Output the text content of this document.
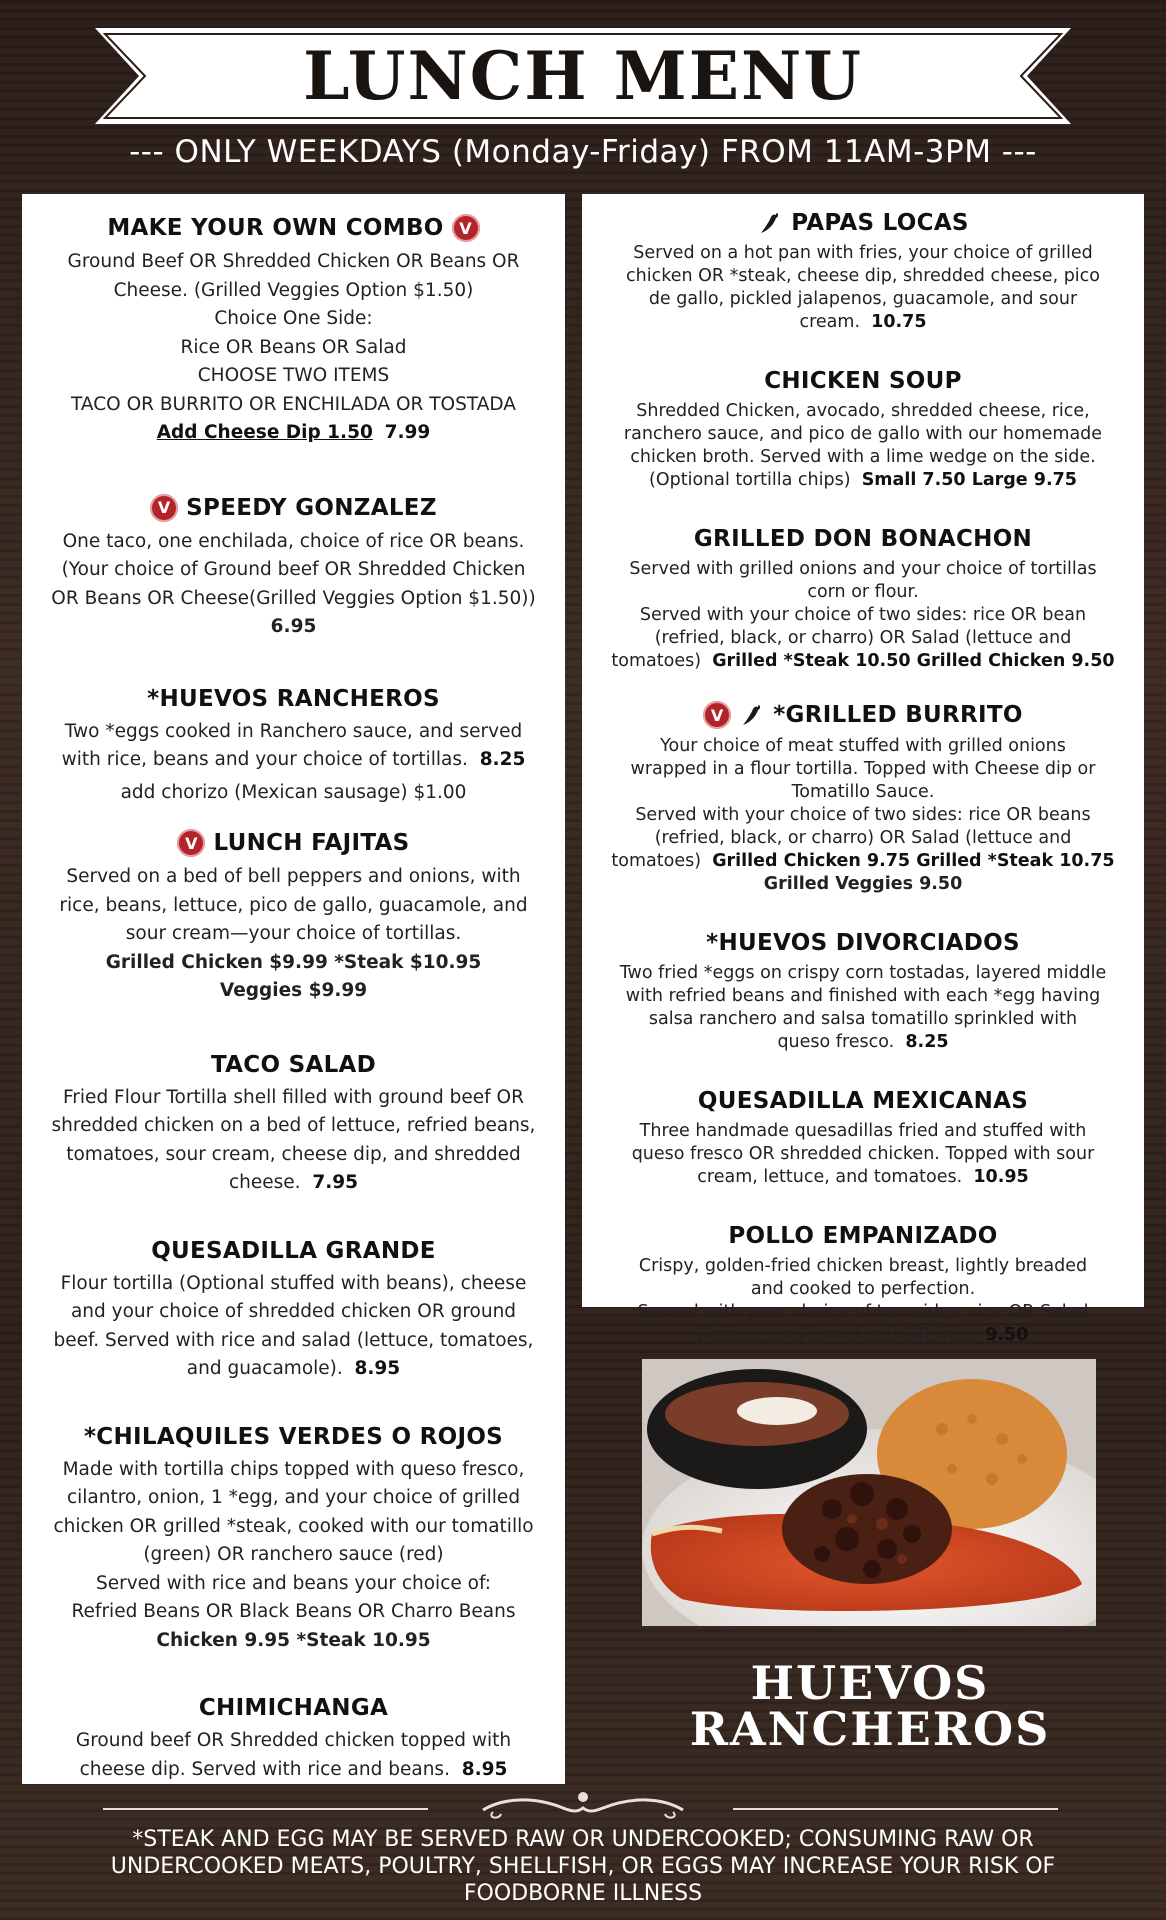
LUNCH MENU
--- ONLY WEEKDAYS (Monday-Friday) FROM 11AM-3PM ---
MAKE YOUR OWN COMBO V

Ground Beef OR Shredded Chicken OR Beans OR

Cheese. (Grilled Veggies Option $1.50)

Choice One Side:

Rice OR Beans OR Salad

CHOOSE TWO ITEMS

TACO OR BURRITO OR ENCHILADA OR TOSTADA

Add Cheese Dip 1.50 7.99

V SPEEDY GONZALEZ

One taco, one enchilada, choice of rice OR beans.

(Your choice of Ground beef OR Shredded Chicken

OR Beans OR Cheese(Grilled Veggies Option $1.50))

6.95

*HUEVOS RANCHEROS

Two *eggs cooked in Ranchero sauce, and served

with rice, beans and your choice of tortillas. 8.25

add chorizo (Mexican sausage) $1.00

V LUNCH FAJITAS

Served on a bed of bell peppers and onions, with

rice, beans, lettuce, pico de gallo, guacamole, and

sour cream—your choice of tortillas.

Grilled Chicken $9.99 *Steak $10.95

Veggies $9.99

TACO SALAD

Fried Flour Tortilla shell filled with ground beef OR

shredded chicken on a bed of lettuce, refried beans,

tomatoes, sour cream, cheese dip, and shredded

cheese. 7.95

QUESADILLA GRANDE

Flour tortilla (Optional stuffed with beans), cheese

and your choice of shredded chicken OR ground

beef. Served with rice and salad (lettuce, tomatoes,

and guacamole). 8.95

*CHILAQUILES VERDES O ROJOS

Made with tortilla chips topped with queso fresco,

cilantro, onion, 1 *egg, and your choice of grilled

chicken OR grilled *steak, cooked with our tomatillo

(green) OR ranchero sauce (red)

Served with rice and beans your choice of:

Refried Beans OR Black Beans OR Charro Beans

Chicken 9.95 *Steak 10.95

CHIMICHANGA

Ground beef OR Shredded chicken topped with

cheese dip. Served with rice and beans. 8.95

PAPAS LOCAS

Served on a hot pan with fries, your choice of grilled

chicken OR *steak, cheese dip, shredded cheese, pico

de gallo, pickled jalapenos, guacamole, and sour

cream. 10.75

CHICKEN SOUP

Shredded Chicken, avocado, shredded cheese, rice,

ranchero sauce, and pico de gallo with our homemade

chicken broth. Served with a lime wedge on the side.

(Optional tortilla chips) Small 7.50 Large 9.75

GRILLED DON BONACHON

Served with grilled onions and your choice of tortillas

corn or flour.

Served with your choice of two sides: rice OR bean

(refried, black, or charro) OR Salad (lettuce and

tomatoes) Grilled *Steak 10.50 Grilled Chicken 9.50

V	*GRILLED BURRITO

Your choice of meat stuffed with grilled onions

wrapped in a flour tortilla. Topped with Cheese dip or

Tomatillo Sauce.

Served with your choice of two sides: rice OR beans

(refried, black, or charro) OR Salad (lettuce and

tomatoes) Grilled Chicken 9.75 Grilled *Steak 10.75

Grilled Veggies 9.50

*HUEVOS DIVORCIADOS

Two fried *eggs on crispy corn tostadas, layered middle

with refried beans and finished with each *egg having

salsa ranchero and salsa tomatillo sprinkled with

queso fresco. 8.25

QUESADILLA MEXICANAS

Three handmade quesadillas fried and stuffed with

queso fresco OR shredded chicken. Topped with sour

cream, lettuce, and tomatoes. 10.95

POLLO EMPANIZADO

Crispy, golden-fried chicken breast, lightly breaded

and cooked to perfection.

Served with your choice of two sides: rice OR Salad

(lettuce and tomatoes) OR fries 9.50

HUEVOS
RANCHEROS
*STEAK AND EGG MAY BE SERVED RAW OR UNDERCOOKED; CONSUMING RAW OR
UNDERCOOKED MEATS, POULTRY, SHELLFISH, OR EGGS MAY INCREASE YOUR RISK OF
FOODBORNE ILLNESS
